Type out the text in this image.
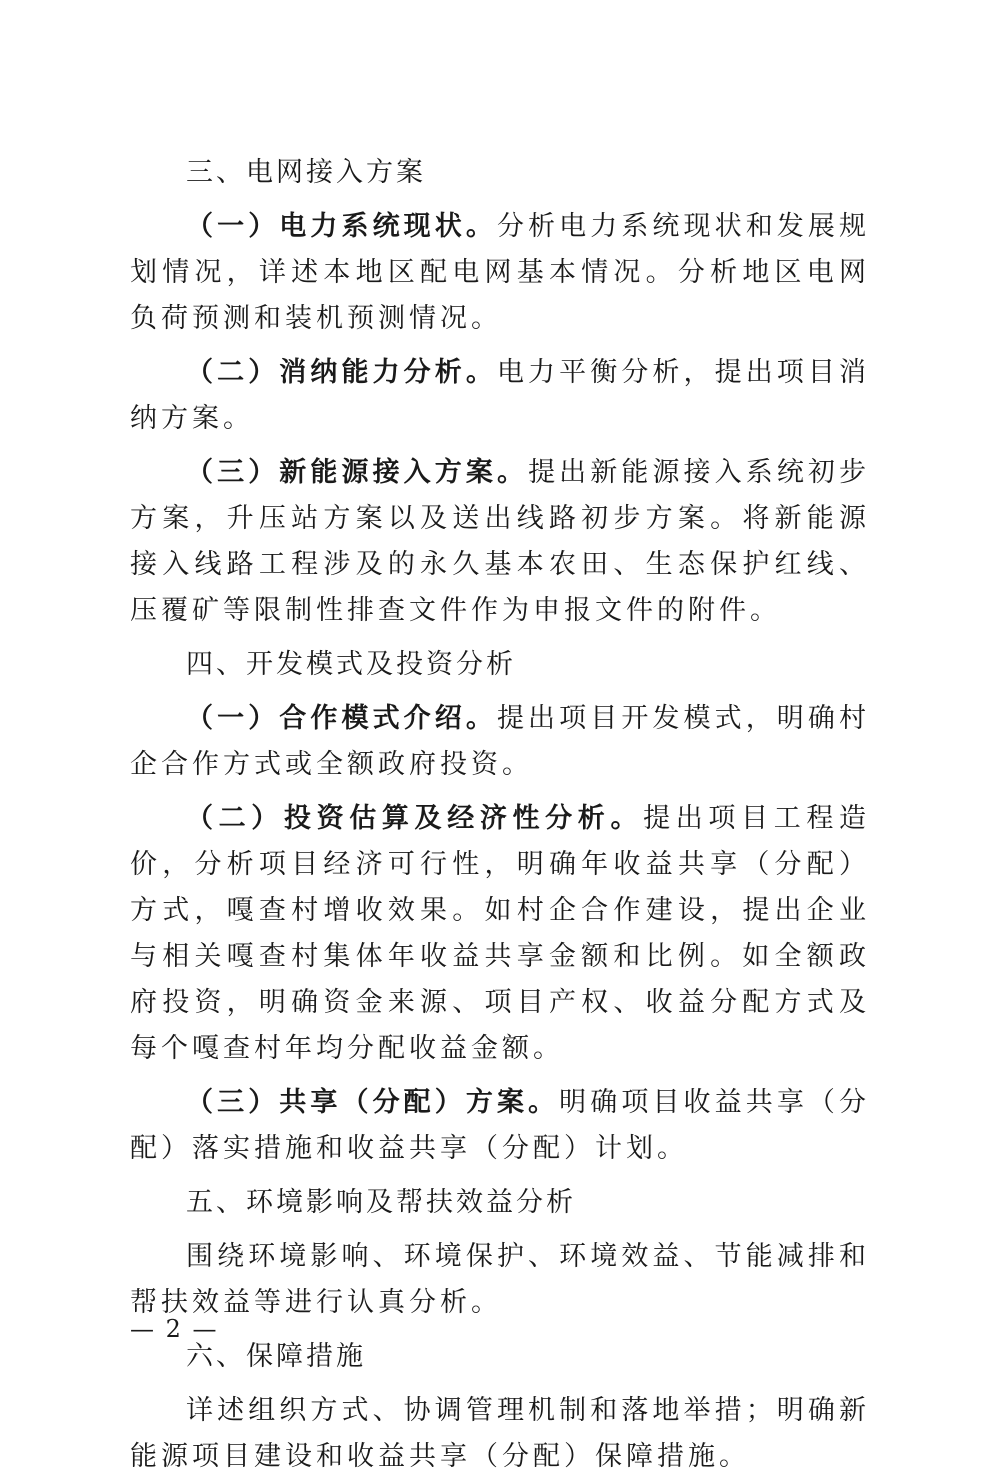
三、电网接入方案

（一）电力系统现状。分析电力系统现状和发展规划情况，详述本地区配电网基本情况。分析地区电网负荷预测和装机预测情况。

（二）消纳能力分析。电力平衡分析，提出项目消纳方案。

（三）新能源接入方案。提出新能源接入系统初步方案，升压站方案以及送出线路初步方案。将新能源接入线路工程涉及的永久基本农田、生态保护红线、压覆矿等限制性排查文件作为申报文件的附件。

四、开发模式及投资分析

（一）合作模式介绍。提出项目开发模式，明确村企合作方式或全额政府投资。

（二）投资估算及经济性分析。提出项目工程造价，分析项目经济可行性，明确年收益共享（分配）方式，嘎查村增收效果。如村企合作建设，提出企业与相关嘎查村集体年收益共享金额和比例。如全额政府投资，明确资金来源、项目产权、收益分配方式及每个嘎查村年均分配收益金额。

（三）共享（分配）方案。明确项目收益共享（分配）落实措施和收益共享（分配）计划。

五、环境影响及帮扶效益分析

围绕环境影响、环境保护、环境效益、节能减排和帮扶效益等进行认真分析。

六、保障措施

详述组织方式、协调管理机制和落地举措；明确新能源项目建设和收益共享（分配）保障措施。

— 2 —
